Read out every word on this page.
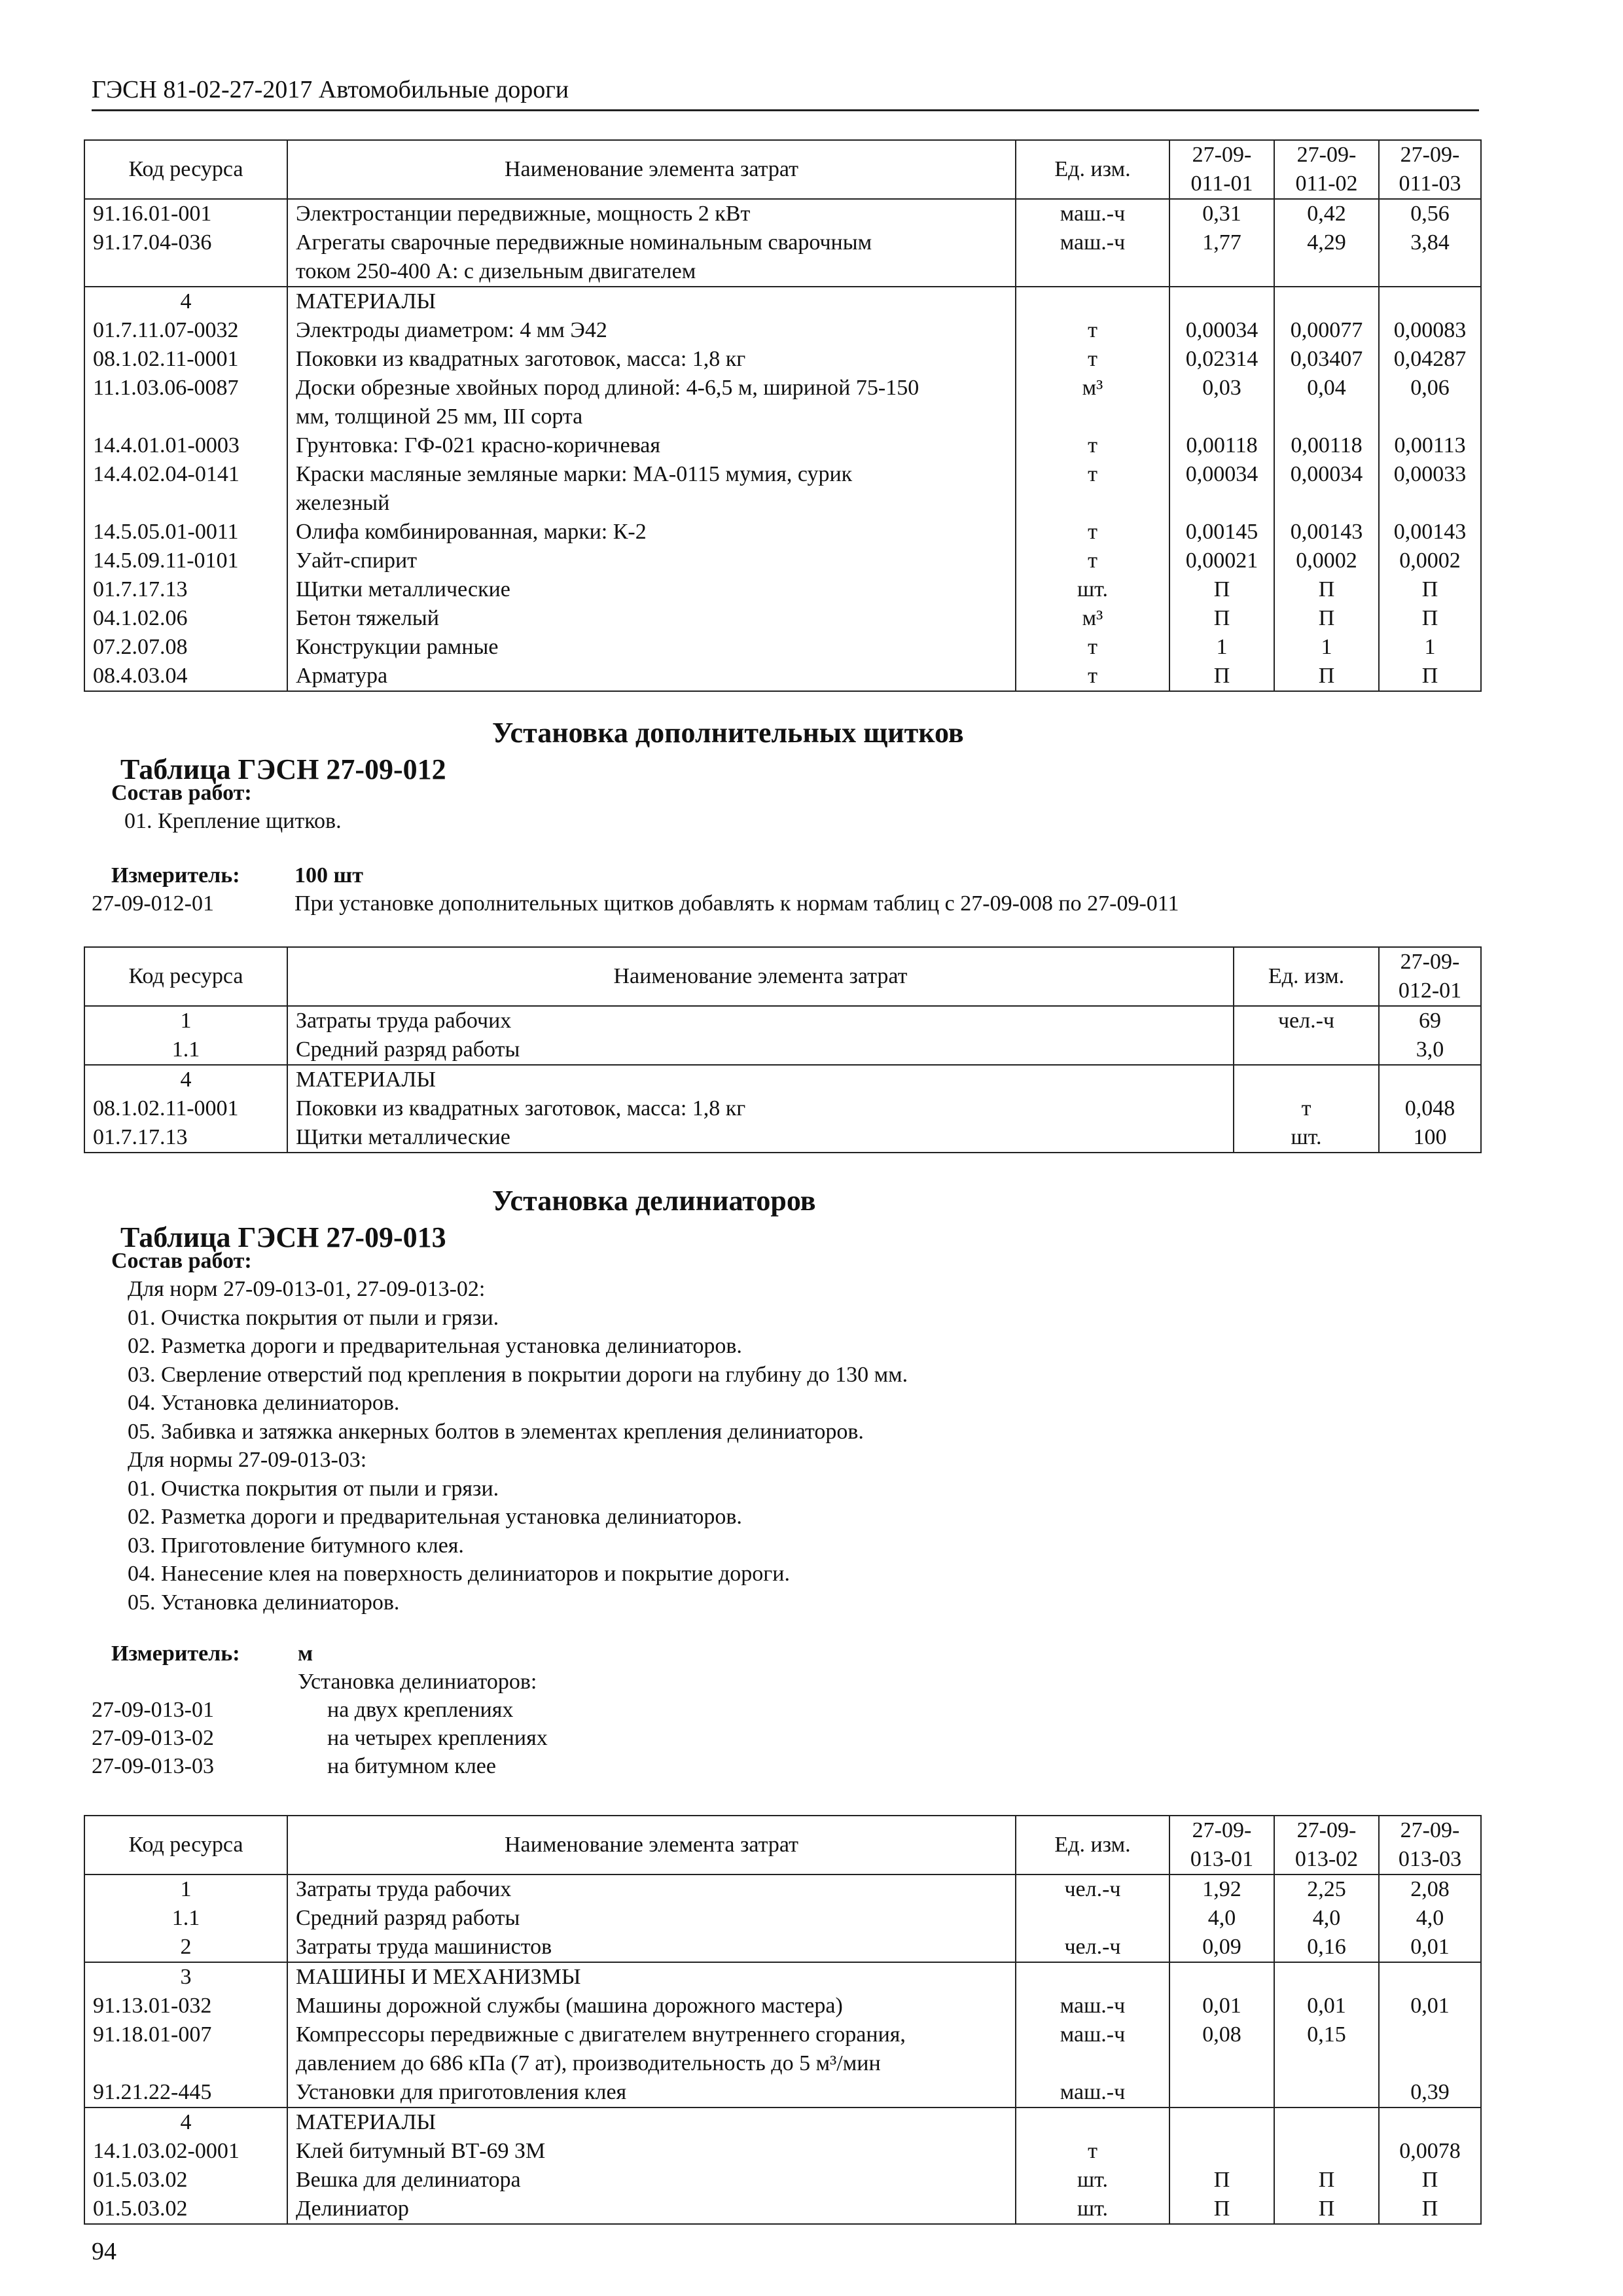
ГЭСН 81-02-27-2017 Автомобильные дороги
Код ресурса	Наименование элемента затрат	Ед. изм.	27-09-
011-01	27-09-
011-02	27-09-
011-03
91.16.01-001	Электростанции передвижные, мощность 2 кВт	маш.-ч	0,31	0,42	0,56
91.17.04-036	Агрегаты сварочные передвижные номинальным сварочным	маш.-ч	1,77	4,29	3,84
	током 250-400 А: с дизельным двигателем				
4	МАТЕРИАЛЫ				
01.7.11.07-0032	Электроды диаметром: 4 мм Э42	т	0,00034	0,00077	0,00083
08.1.02.11-0001	Поковки из квадратных заготовок, масса: 1,8 кг	т	0,02314	0,03407	0,04287
11.1.03.06-0087	Доски обрезные хвойных пород длиной: 4-6,5 м, шириной 75-150	м³	0,03	0,04	0,06
	мм, толщиной 25 мм, III сорта				
14.4.01.01-0003	Грунтовка: ГФ-021 красно-коричневая	т	0,00118	0,00118	0,00113
14.4.02.04-0141	Краски масляные земляные марки: МА-0115 мумия, сурик	т	0,00034	0,00034	0,00033
	железный				
14.5.05.01-0011	Олифа комбинированная, марки: К-2	т	0,00145	0,00143	0,00143
14.5.09.11-0101	Уайт-спирит	т	0,00021	0,0002	0,0002
01.7.17.13	Щитки металлические	шт.	П	П	П
04.1.02.06	Бетон тяжелый	м³	П	П	П
07.2.07.08	Конструкции рамные	т	1	1	1
08.4.03.04	Арматура	т	П	П	П

Таблица ГЭСН 27-09-012
Установка дополнительных щитков

Состав работ:
01. Крепление щитков.
Измеритель: 100 шт
27-09-012-01	При установке дополнительных щитков добавлять к нормам таблиц с 27-09-008 по 27-09-011
Код ресурса	Наименование элемента затрат	Ед. изм.	27-09-
012-01
1	Затраты труда рабочих	чел.-ч	69
1.1	Средний разряд работы		3,0
4	МАТЕРИАЛЫ		
08.1.02.11-0001	Поковки из квадратных заготовок, масса: 1,8 кг	т	0,048
01.7.17.13	Щитки металлические	шт.	100

Таблица ГЭСН 27-09-013
Установка делиниаторов

Состав работ:
Для норм 27-09-013-01, 27-09-013-02:
01. Очистка покрытия от пыли и грязи.
02. Разметка дороги и предварительная установка делиниаторов.
03. Сверление отверстий под крепления в покрытии дороги на глубину до 130 мм.
04. Установка делиниаторов.
05. Забивка и затяжка анкерных болтов в элементах крепления делиниаторов.
Для нормы 27-09-013-03:
01. Очистка покрытия от пыли и грязи.
02. Разметка дороги и предварительная установка делиниаторов.
03. Приготовление битумного клея.
04. Нанесение клея на поверхность делиниаторов и покрытие дороги.
05. Установка делиниаторов.
Измеритель:	м
Установка делиниаторов:
27-09-013-01	на двух креплениях
27-09-013-02	на четырех креплениях
27-09-013-03	на битумном клее
Код ресурса	Наименование элемента затрат	Ед. изм.	27-09-
013-01	27-09-
013-02	27-09-
013-03
1	Затраты труда рабочих	чел.-ч	1,92	2,25	2,08
1.1	Средний разряд работы		4,0	4,0	4,0
2	Затраты труда машинистов	чел.-ч	0,09	0,16	0,01
3	МАШИНЫ И МЕХАНИЗМЫ				
91.13.01-032	Машины дорожной службы (машина дорожного мастера)	маш.-ч	0,01	0,01	0,01
91.18.01-007	Компрессоры передвижные с двигателем внутреннего сгорания,	маш.-ч	0,08	0,15	
	давлением до 686 кПа (7 ат), производительность до 5 м³/мин				
91.21.22-445	Установки для приготовления клея	маш.-ч			0,39
4	МАТЕРИАЛЫ				
14.1.03.02-0001	Клей битумный ВТ-69 ЗМ	т			0,0078
01.5.03.02	Вешка для делиниатора	шт.	П	П	П
01.5.03.02	Делиниатор	шт.	П	П	П
94
